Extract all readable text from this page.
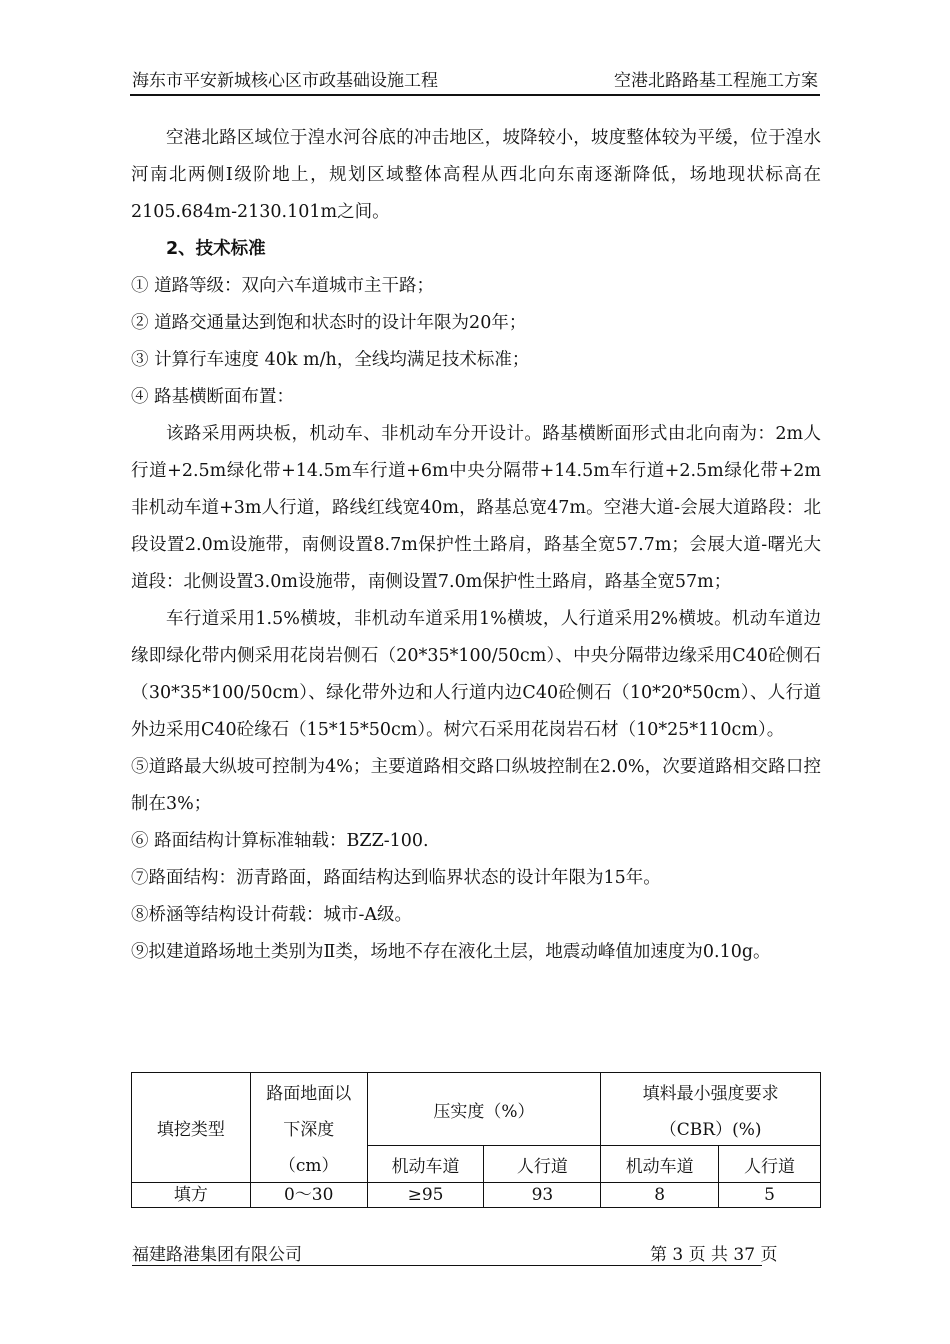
海东市平安新城核心区市政基础设施工程	空港北路路基工程施工方案

空港北路区域位于湟水河谷底的冲击地区，坡降较小，坡度整体较为平缓，位于湟水河南北两侧Ⅰ级阶地上，规划区域整体高程从西北向东南逐渐降低，场地现状标高在2105.684m-2130.101m之间。

2、技术标准

① 道路等级：双向六车道城市主干路；

② 道路交通量达到饱和状态时的设计年限为20年；

③ 计算行车速度 40k m/h，全线均满足技术标准；

④ 路基横断面布置：

该路采用两块板，机动车、非机动车分开设计。路基横断面形式由北向南为：2m人行道+2.5m绿化带+14.5m车行道+6m中央分隔带+14.5m车行道+2.5m绿化带+2m非机动车道+3m人行道，路线红线宽40m，路基总宽47m。空港大道-会展大道路段：北段设置2.0m设施带，南侧设置8.7m保护性土路肩，路基全宽57.7m；会展大道-曙光大道段：北侧设置3.0m设施带，南侧设置7.0m保护性土路肩，路基全宽57m；

车行道采用1.5%横坡，非机动车道采用1%横坡，人行道采用2%横坡。机动车道边缘即绿化带内侧采用花岗岩侧石（20*35*100/50cm）、中央分隔带边缘采用C40砼侧石（30*35*100/50cm）、绿化带外边和人行道内边C40砼侧石（10*20*50cm）、人行道外边采用C40砼缘石（15*15*50cm）。树穴石采用花岗岩石材（10*25*110cm）。

⑤道路最大纵坡可控制为4%；主要道路相交路口纵坡控制在2.0%，次要道路相交路口控制在3%；

⑥ 路面结构计算标准轴载：BZZ-100.

⑦路面结构：沥青路面，路面结构达到临界状态的设计年限为15年。

⑧桥涵等结构设计荷载：城市-A级。

⑨拟建道路场地土类别为Ⅱ类，场地不存在液化土层，地震动峰值加速度为0.10g。

填挖类型	路面地面以	压实度（%）		填料最小强度要求	
	下深度			（CBR）(%)	
	（cm）	机动车道	人行道	机动车道	人行道
填方	0～30	≥95	93	8	5
福建路港集团有限公司	第 3 页 共 37 页
